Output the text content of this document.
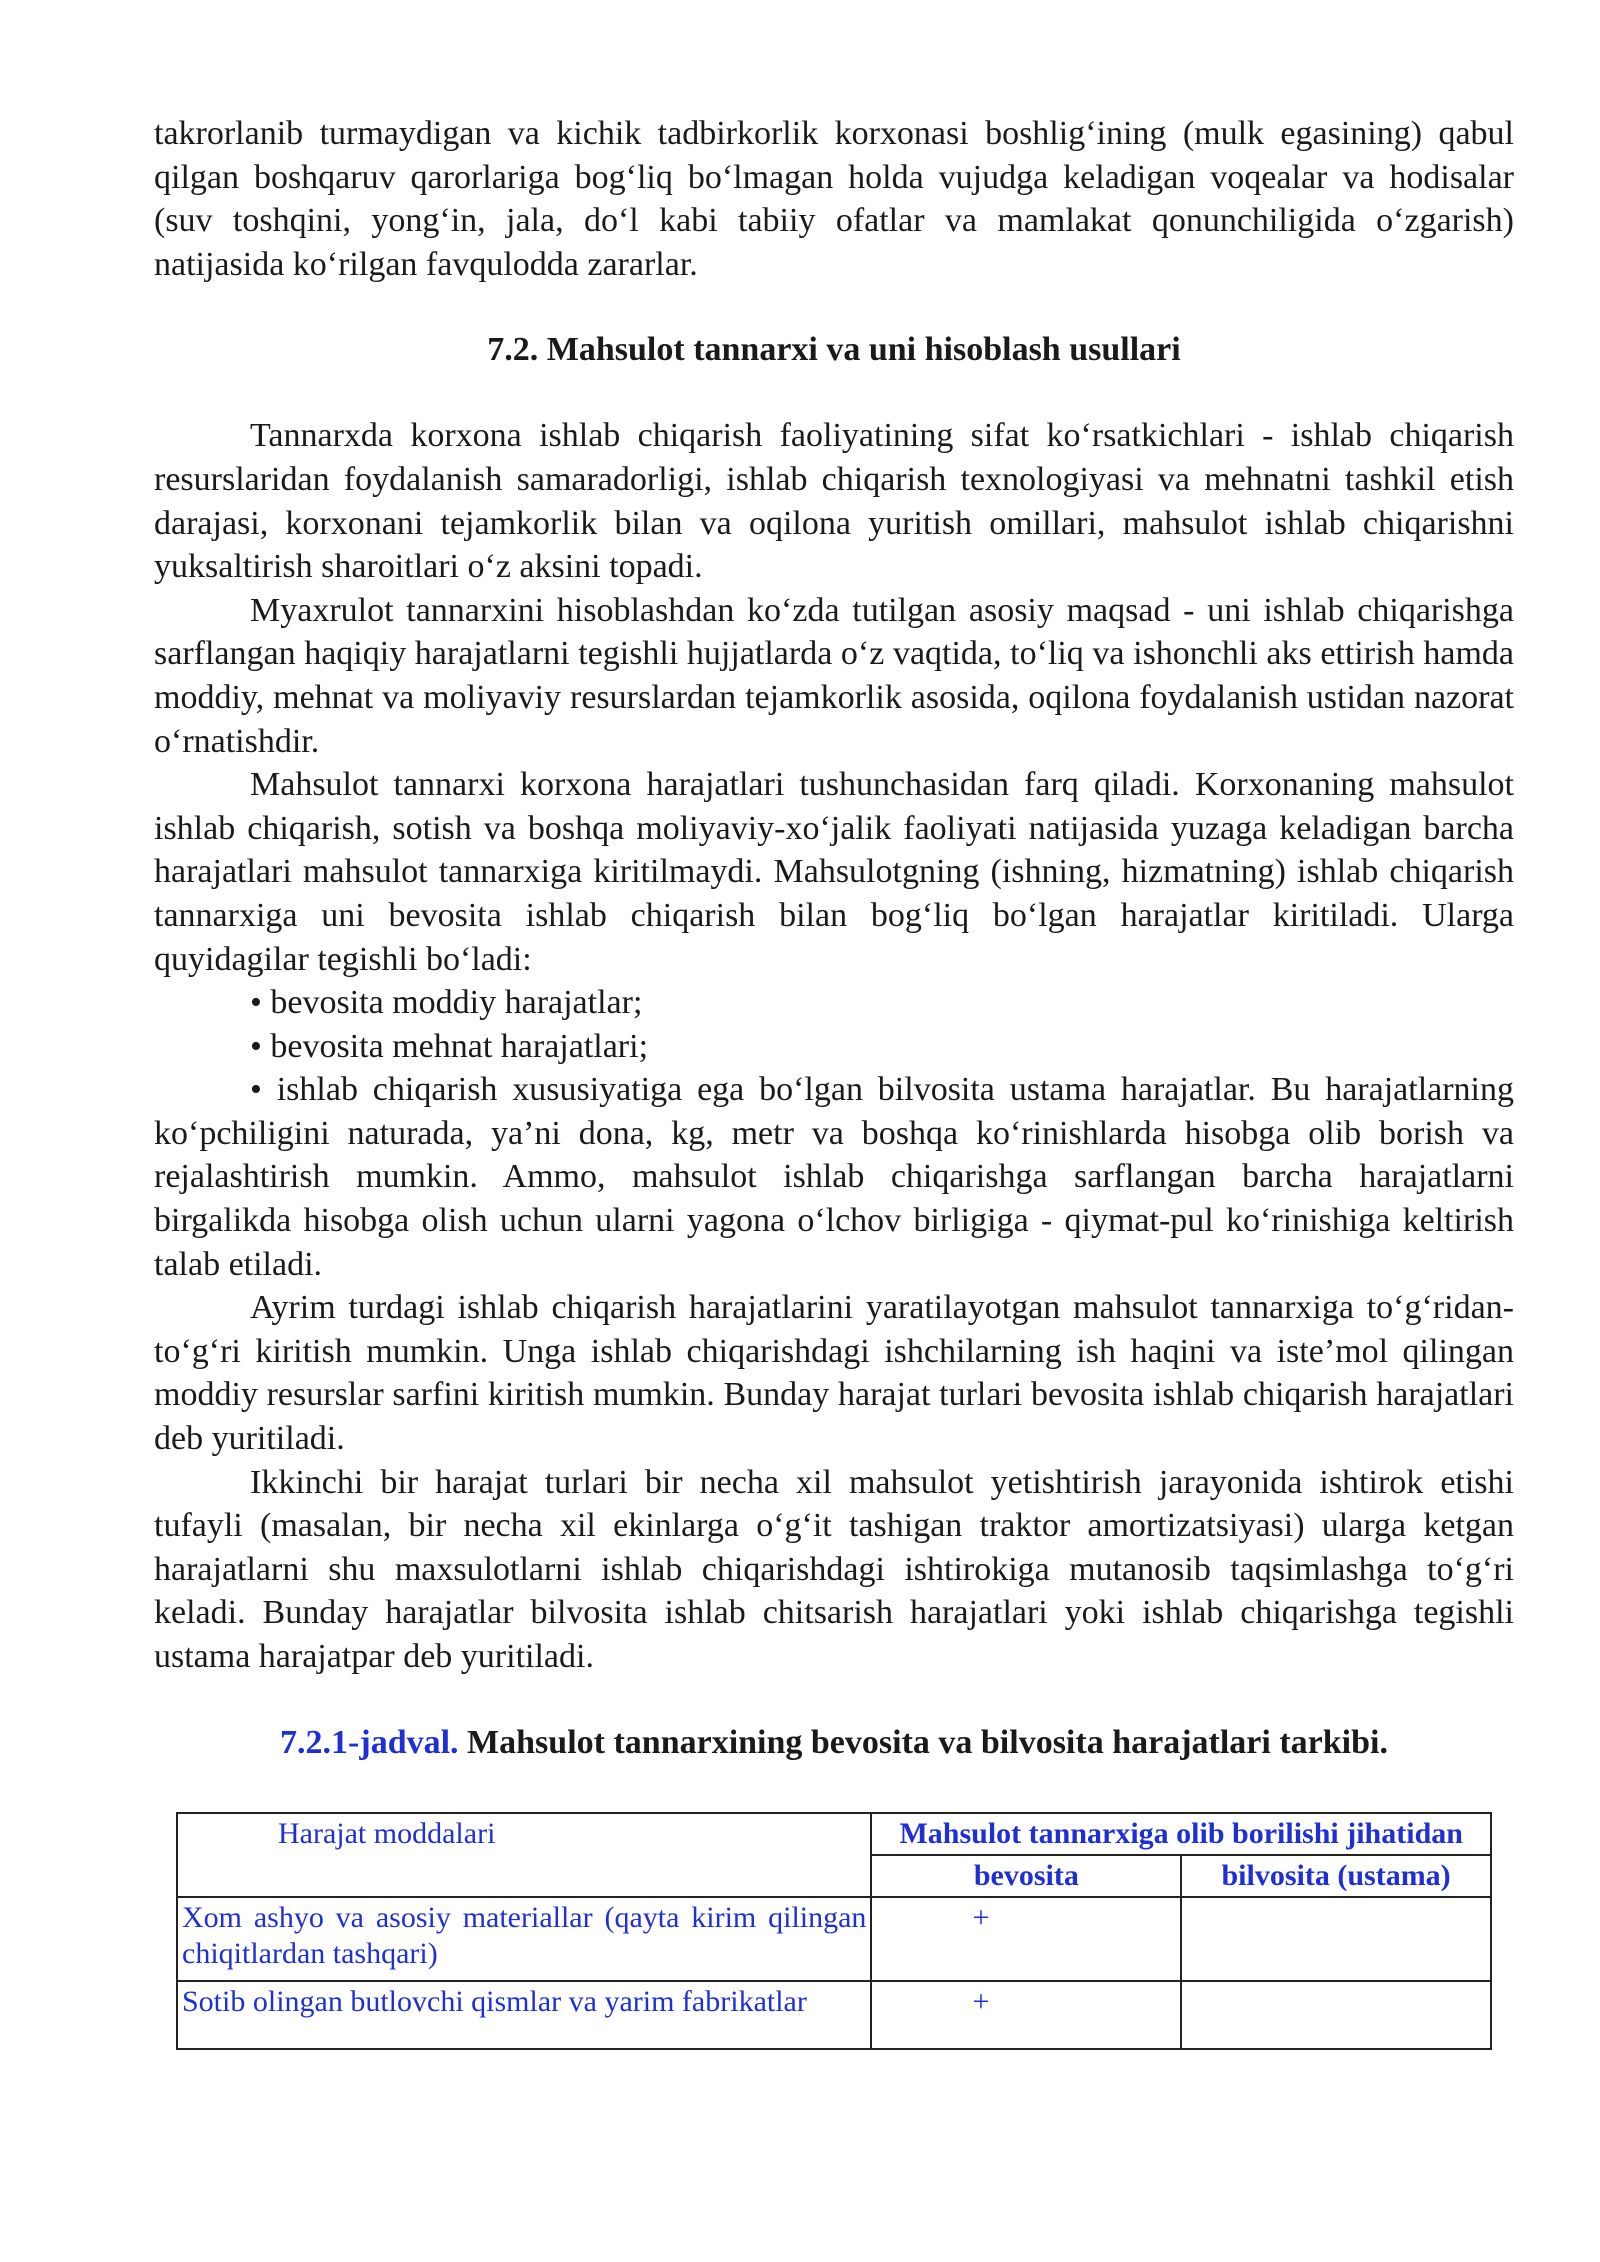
takrorlanib turmaydigan va kichik tadbirkorlik korxonasi boshlig‘ining (mulk egasining) qabul qilgan boshqaruv qarorlariga bog‘liq bo‘lmagan holda vujudga keladigan voqealar va hodisalar (suv toshqini, yong‘in, jala, do‘l kabi tabiiy ofatlar va mamlakat qonunchiligida o‘zgarish) natijasida ko‘rilgan favqulodda zararlar.

7.2. Mahsulot tannarxi va uni hisoblash usullari

Tannarxda korxona ishlab chiqarish faoliyatining sifat ko‘rsatkichlari - ishlab chiqarish resurslaridan foydalanish samaradorligi, ishlab chiqarish texnologiyasi va mehnatni tashkil etish darajasi, korxonani tejamkorlik bilan va oqilona yuritish omillari, mahsulot ishlab chiqarishni yuksaltirish sharoitlari o‘z aksini topadi.

Myaxrulot tannarxini hisoblashdan ko‘zda tutilgan asosiy maqsad - uni ishlab chiqarishga sarflangan haqiqiy harajatlarni tegishli hujjatlarda o‘z vaqtida, to‘liq va ishonchli aks ettirish hamda moddiy, mehnat va moliyaviy resurslardan tejamkorlik asosida, oqilona foydalanish ustidan nazorat o‘rnatishdir.

Mahsulot tannarxi korxona harajatlari tushunchasidan farq qiladi. Korxonaning mahsulot ishlab chiqarish, sotish va boshqa moliyaviy-xo‘jalik faoliyati natijasida yuzaga keladigan barcha harajatlari mahsulot tannarxiga kiritilmaydi. Mahsulotgning (ishning, hizmatning) ishlab chiqarish tannarxiga uni bevosita ishlab chiqarish bilan bog‘liq bo‘lgan harajatlar kiritiladi. Ularga quyidagilar tegishli bo‘ladi:

• bevosita moddiy harajatlar;

• bevosita mehnat harajatlari;

• ishlab chiqarish xususiyatiga ega bo‘lgan bilvosita ustama harajatlar. Bu harajatlarning ko‘pchiligini naturada, ya’ni dona, kg, metr va boshqa ko‘rinishlarda hisobga olib borish va rejalashtirish mumkin. Ammo, mahsulot ishlab chiqarishga sarflangan barcha harajatlarni birgalikda hisobga olish uchun ularni yagona o‘lchov birligiga - qiymat-pul ko‘rinishiga keltirish talab etiladi.

Ayrim turdagi ishlab chiqarish harajatlarini yaratilayotgan mahsulot tannarxiga to‘g‘ridan-to‘g‘ri kiritish mumkin. Unga ishlab chiqarishdagi ishchilarning ish haqini va iste’mol qilingan moddiy resurslar sarfini kiritish mumkin. Bunday harajat turlari bevosita ishlab chiqarish harajatlari deb yuritiladi.

Ikkinchi bir harajat turlari bir necha xil mahsulot yetishtirish jarayonida ishtirok etishi tufayli (masalan, bir necha xil ekinlarga o‘g‘it tashigan traktor amortizatsiyasi) ularga ketgan harajatlarni shu maxsulotlarni ishlab chiqarishdagi ishtirokiga mutanosib taqsimlashga to‘g‘ri keladi. Bunday harajatlar bilvosita ishlab chitsarish harajatlari yoki ishlab chiqarishga tegishli ustama harajatpar deb yuritiladi.

7.2.1-jadval. Mahsulot tannarxining bevosita va bilvosita harajatlari tarkibi.
Harajat moddalari	Mahsulot tannarxiga olib borilishi jihatidan	
	bevosita	bilvosita (ustama)
Xom ashyo va asosiy materiallar (qayta kirim qilingan chiqitlardan tashqari)	+	
Sotib olingan butlovchi qismlar va yarim fabrikatlar	+	
